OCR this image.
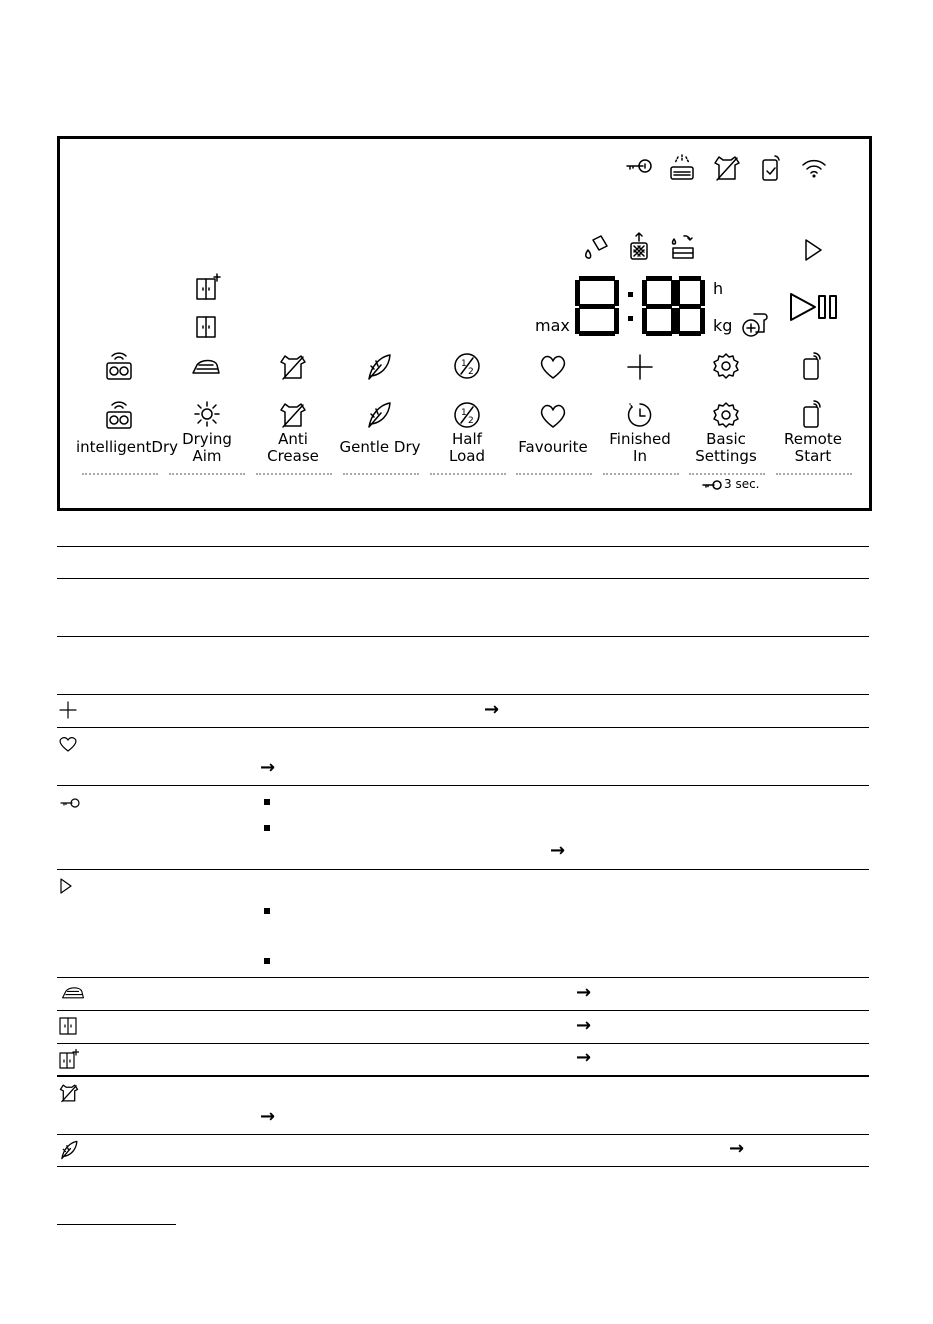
max
h
kg
1
2
1
2
intelligentDry Drying
Aim
Anti
Crease	Gentle Dry	Half
Load	Favourite	Finished
In
Basic
Settings
Remote
Start
3 sec.
→
→
→
→
→
→
→
→
